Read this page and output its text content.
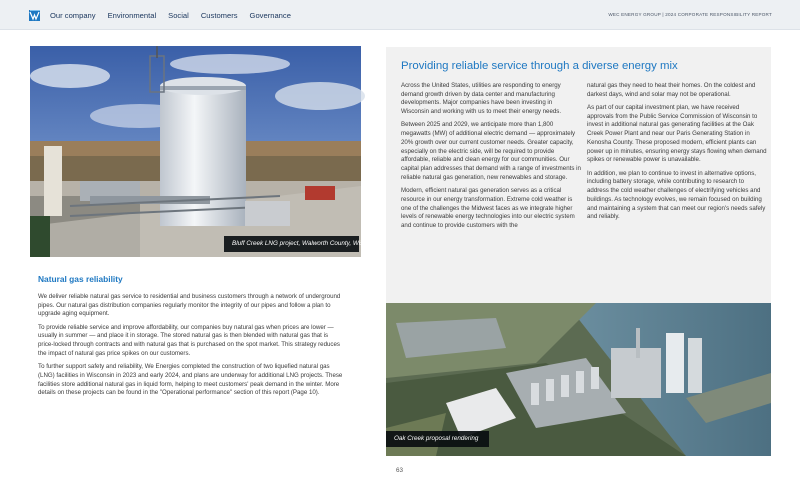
Our company Environmental Social Customers Governance	WEC ENERGY GROUP | 2024 CORPORATE RESPONSIBILITY REPORT
Bluff Creek LNG project, Walworth County, Wisconsin
Natural gas reliability

We deliver reliable natural gas service to residential and business customers through a network of underground pipes. Our natural gas distribution companies regularly monitor the integrity of our pipes and follow a plan to upgrade aging equipment.

To provide reliable service and improve affordability, our companies buy natural gas when prices are lower — usually in summer — and place it in storage. The stored natural gas is then blended with natural gas that is price-locked through contracts and with natural gas that is purchased on the spot market. This strategy reduces the impact of natural gas price spikes on our customers.

To further support safety and reliability, We Energies completed the construction of two liquefied natural gas (LNG) facilities in Wisconsin in 2023 and early 2024, and plans are underway for additional LNG projects. These facilities store additional natural gas in liquid form, helping to meet customers' peak demand in the winter. More details on these projects can be found in the "Operational performance" section of this report (Page 10).

Providing reliable service through a diverse energy mix

Across the United States, utilities are responding to energy demand growth driven by data center and manufacturing developments. Major companies have been investing in Wisconsin and working with us to meet their energy needs.

Between 2025 and 2029, we anticipate more than 1,800 megawatts (MW) of additional electric demand — approximately 20% growth over our current customer needs. Greater capacity, especially on the electric side, will be required to provide affordable, reliable and clean energy for our communities. Our capital plan addresses that demand with a range of investments in reliable natural gas generation, new renewables and storage.

Modern, efficient natural gas generation serves as a critical resource in our energy transformation. Extreme cold weather is one of the challenges the Midwest faces as we integrate higher levels of renewable energy technologies into our electric system and continue to provide customers with the

natural gas they need to heat their homes. On the coldest and darkest days, wind and solar may not be operational.

As part of our capital investment plan, we have received approvals from the Public Service Commission of Wisconsin to invest in additional natural gas generating facilities at the Oak Creek Power Plant and near our Paris Generating Station in Kenosha County. These proposed modern, efficient plants can power up in minutes, ensuring energy stays flowing when demand spikes or renewable power is unavailable.

In addition, we plan to continue to invest in alternative options, including battery storage, while contributing to research to address the cold weather challenges of electrifying vehicles and buildings. As technology evolves, we remain focused on building and maintaining a system that can meet our region's needs safely and reliably.

Oak Creek proposal rendering
63
